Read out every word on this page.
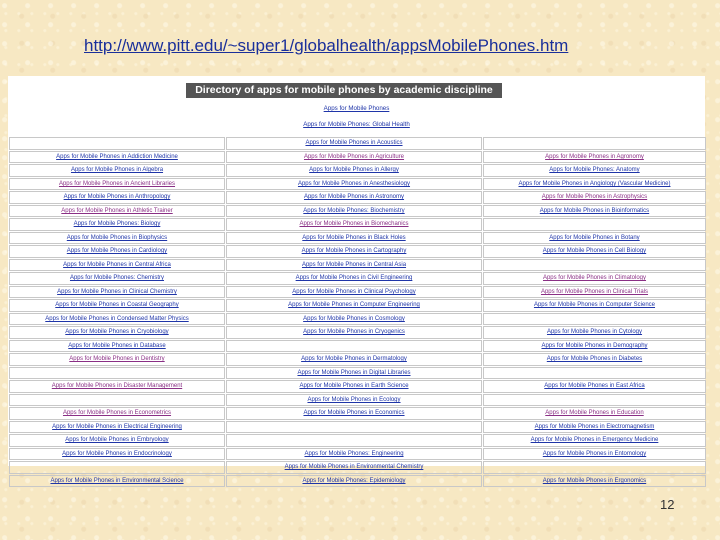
http://www.pitt.edu/~super1/globalhealth/appsMobilePhones.htm
Directory of apps for mobile phones by academic discipline
Apps for Mobile Phones
Apps for Mobile Phones: Global Health
	Apps for Mobile Phones in Acoustics	
Apps for Mobile Phones in Addiction Medicine	Apps for Mobile Phones in Agriculture	Apps for Mobile Phones in Agronomy
Apps for Mobile Phones in Algebra	Apps for Mobile Phones in Allergy	Apps for Mobile Phones: Anatomy
Apps for Mobile Phones in Ancient Libraries	Apps for Mobile Phones in Anesthesiology	Apps for Mobile Phones in Angiology (Vascular Medicine)
Apps for Mobile Phones in Anthropology	Apps for Mobile Phones in Astronomy	Apps for Mobile Phones in Astrophysics
Apps for Mobile Phones in Athletic Trainer	Apps for Mobile Phones: Biochemistry	Apps for Mobile Phones in Bioinformatics
Apps for Mobile Phones: Biology	Apps for Mobile Phones in Biomechanics	
Apps for Mobile Phones in Biophysics	Apps for Mobile Phones in Black Holes	Apps for Mobile Phones in Botany
Apps for Mobile Phones in Cardiology	Apps for Mobile Phones in Cartography	Apps for Mobile Phones in Cell Biology
Apps for Mobile Phones in Central Africa	Apps for Mobile Phones in Central Asia	
Apps for Mobile Phones: Chemistry	Apps for Mobile Phones in Civil Engineering	Apps for Mobile Phones in Climatology
Apps for Mobile Phones in Clinical Chemistry	Apps for Mobile Phones in Clinical Psychology	Apps for Mobile Phones in Clinical Trials
Apps for Mobile Phones in Coastal Geography	Apps for Mobile Phones in Computer Engineering	Apps for Mobile Phones in Computer Science
Apps for Mobile Phones in Condensed Matter Physics	Apps for Mobile Phones in Cosmology	
Apps for Mobile Phones in Cryobiology	Apps for Mobile Phones in Cryogenics	Apps for Mobile Phones in Cytology
Apps for Mobile Phones in Database		Apps for Mobile Phones in Demography
Apps for Mobile Phones in Dentistry	Apps for Mobile Phones in Dermatology	Apps for Mobile Phones in Diabetes
	Apps for Mobile Phones in Digital Libraries	
Apps for Mobile Phones in Disaster Management	Apps for Mobile Phones in Earth Science	Apps for Mobile Phones in East Africa
	Apps for Mobile Phones in Ecology	
Apps for Mobile Phones in Econometrics	Apps for Mobile Phones in Economics	Apps for Mobile Phones in Education
Apps for Mobile Phones in Electrical Engineering		Apps for Mobile Phones in Electromagnetism
Apps for Mobile Phones in Embryology		Apps for Mobile Phones in Emergency Medicine
Apps for Mobile Phones in Endocrinology	Apps for Mobile Phones: Engineering	Apps for Mobile Phones in Entomology
	Apps for Mobile Phones in Environmental Chemistry	
Apps for Mobile Phones in Environmental Science	Apps for Mobile Phones: Epidemiology	Apps for Mobile Phones in Ergonomics
12
